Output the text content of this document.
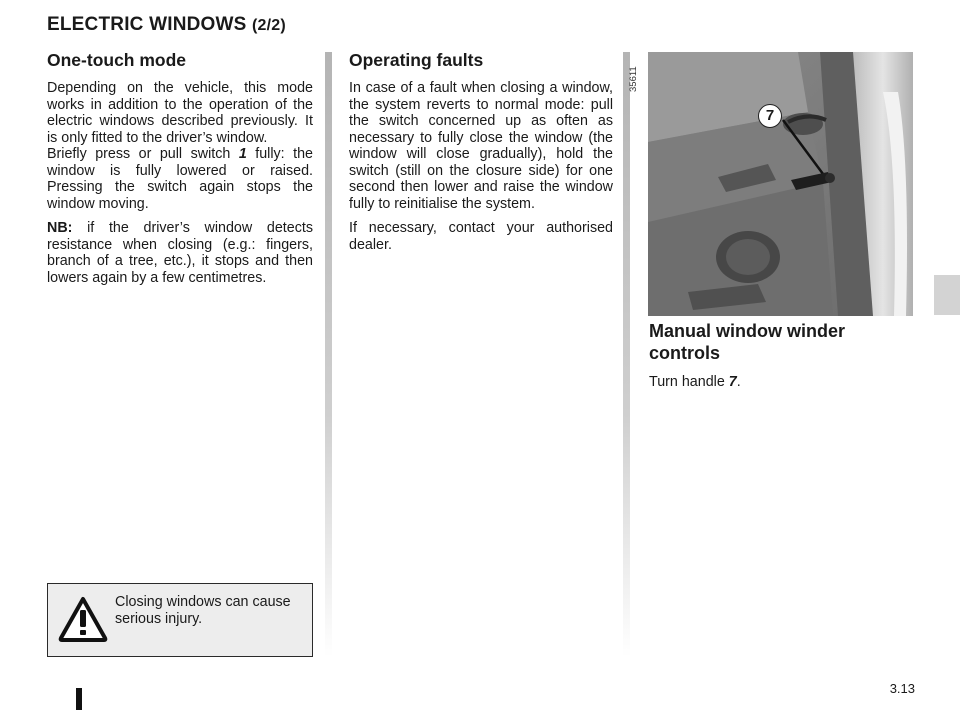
ELECTRIC WINDOWS (2/2)
One-touch mode

Depending on the vehicle, this mode works in addition to the operation of the electric windows described previously. It is only fitted to the driver’s window.

Briefly press or pull switch 1 fully: the window is fully lowered or raised. Pressing the switch again stops the window moving.

NB: if the driver’s window detects resistance when closing (e.g.: fingers, branch of a tree, etc.), it stops and then lowers again by a few centimetres.

Operating faults

In case of a fault when closing a window, the system reverts to normal mode: pull the switch concerned up as often as necessary to fully close the window (the window will close gradually), hold the switch (still on the closure side) for one second then lower and raise the window fully to reinitialise the system.

If necessary, contact your authorised dealer.

35611
7
Manual window winder controls

Turn handle 7.

Closing windows can cause serious injury.
3.13
